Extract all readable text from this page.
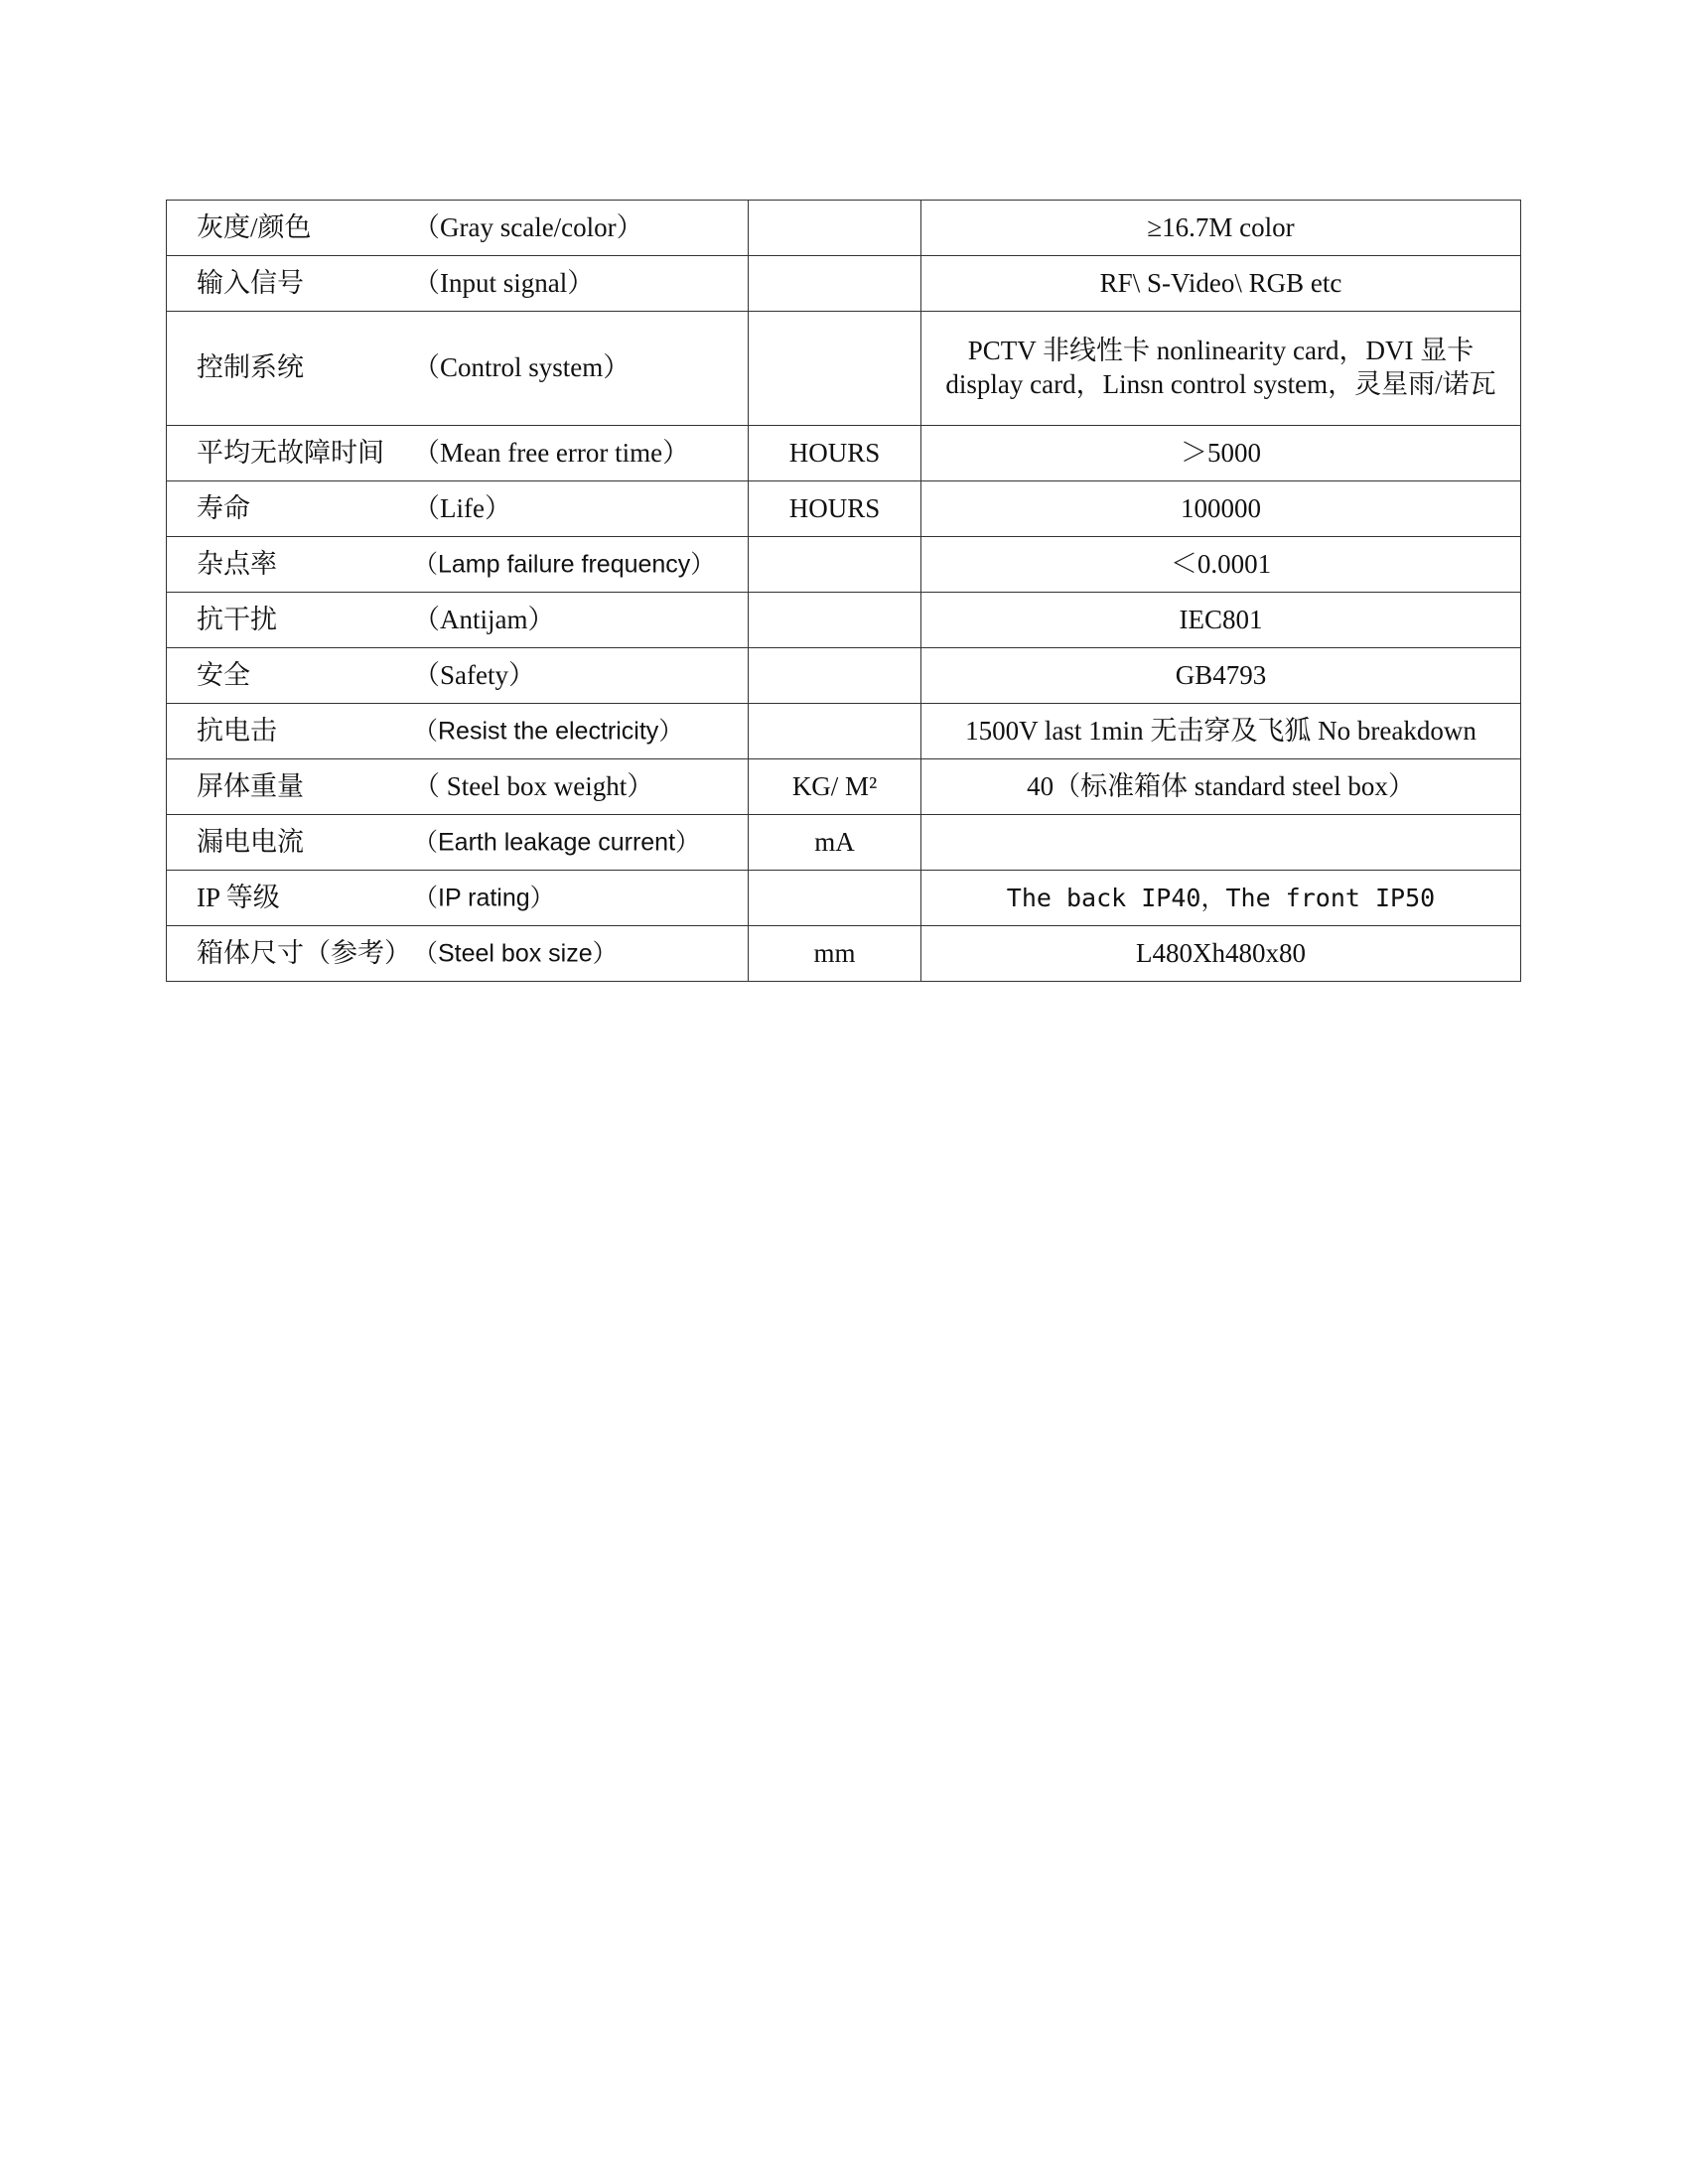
灰度/颜色 （Gray scale/color）		≥16.7M color

输入信号 （Input signal）		RF\ S-Video\ RGB etc

控制系统 （Control system）		PCTV 非线性卡 nonlinearity card，DVI 显卡 display card，Linsn control system，灵星雨/诺瓦

平均无故障时间 （Mean free error time）	HOURS	＞5000

寿命 （Life）	HOURS	100000

杂点率 （Lamp failure frequency）		＜0.0001

抗干扰 （Antijam）		IEC801

安全 （Safety）		GB4793

抗电击 （Resist the electricity）		1500V last 1min 无击穿及飞狐 No breakdown

屏体重量 （ Steel box weight）	KG/ M²	40（标准箱体 standard steel box）

漏电电流 （Earth leakage current）	mA	

IP 等级 （IP rating）		The back IP40，The front IP50

箱体尺寸（参考） （Steel box size）	mm	L480Xh480x80
